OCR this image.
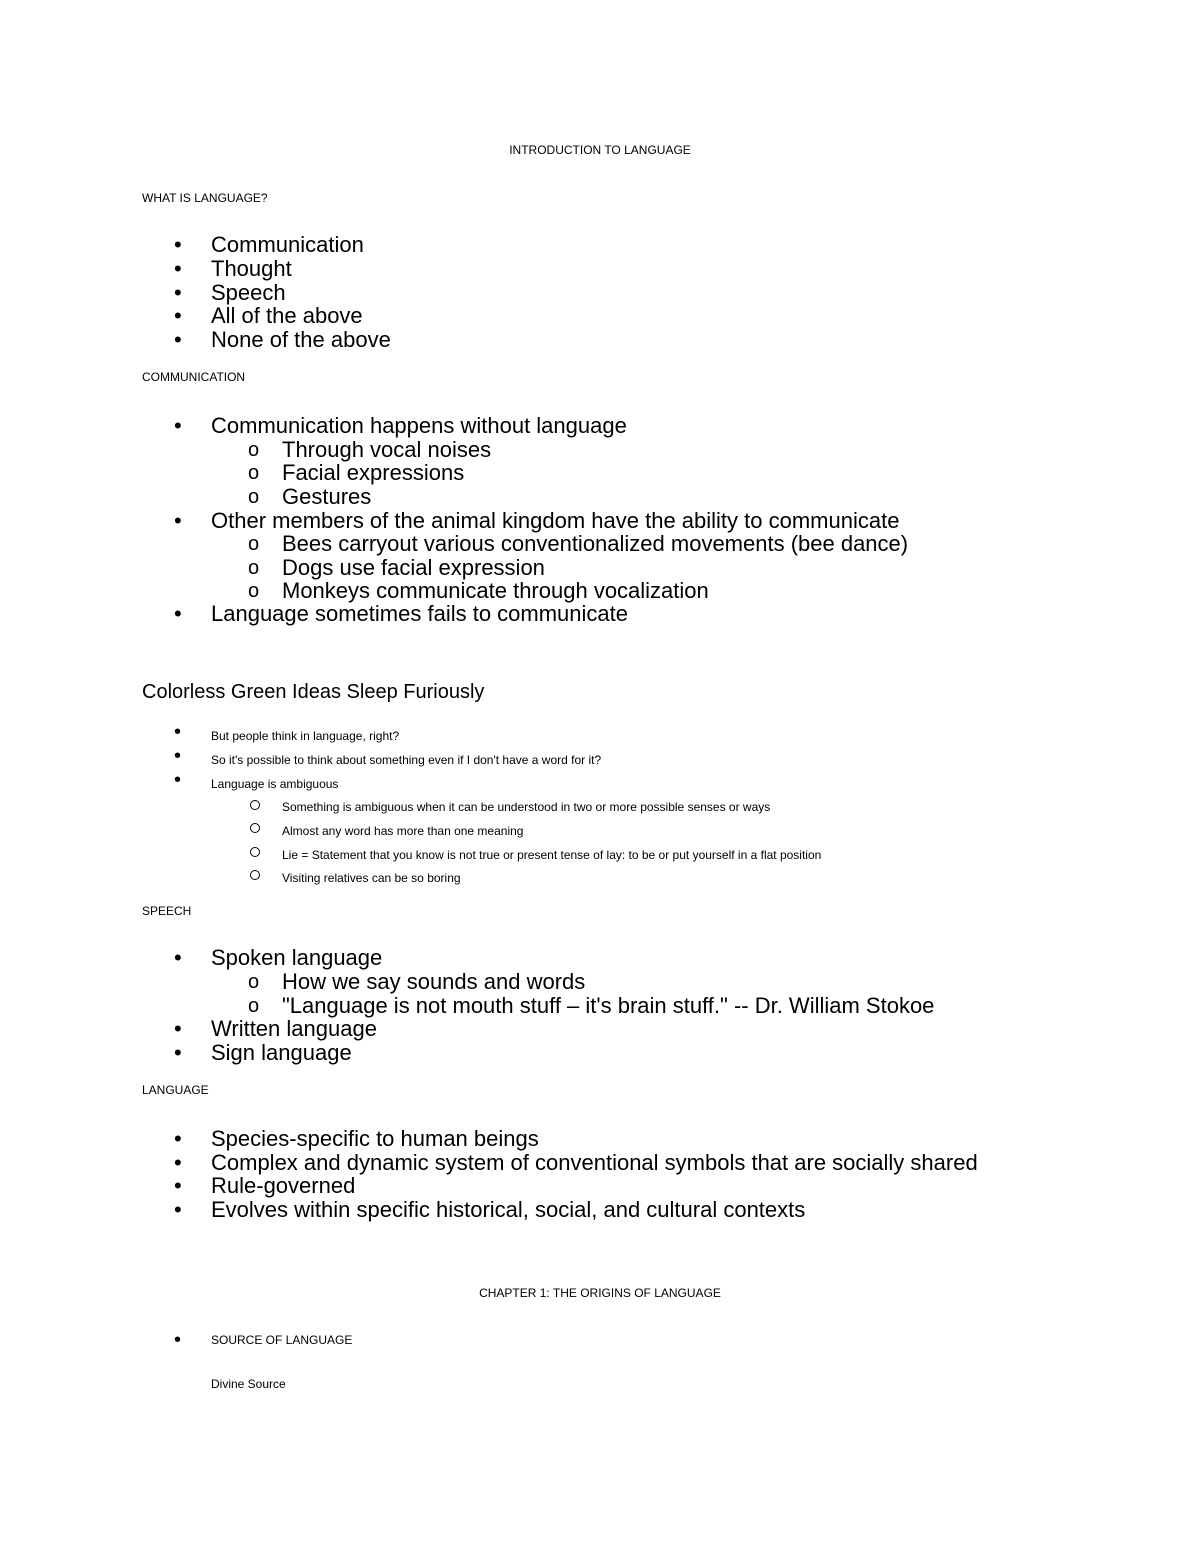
INTRODUCTION TO LANGUAGE
WHAT IS LANGUAGE?
• Communication
• Thought
• Speech
• All of the above
• None of the above
COMMUNICATION
• Communication happens without language
o Through vocal noises
o Facial expressions
o Gestures
• Other members of the animal kingdom have the ability to communicate
o Bees carryout various conventionalized movements (bee dance)
o Dogs use facial expression
o Monkeys communicate through vocalization
• Language sometimes fails to communicate
Colorless Green Ideas Sleep Furiously
• But people think in language, right?
• So it's possible to think about something even if I don't have a word for it?
• Language is ambiguous
Something is ambiguous when it can be understood in two or more possible senses or ways
Almost any word has more than one meaning
Lie = Statement that you know is not true or present tense of lay: to be or put yourself in a flat position
Visiting relatives can be so boring
SPEECH
• Spoken language
o How we say sounds and words
o "Language is not mouth stuff – it's brain stuff." -- Dr. William Stokoe
• Written language
• Sign language
LANGUAGE
• Species-specific to human beings
• Complex and dynamic system of conventional symbols that are socially shared
• Rule-governed
• Evolves within specific historical, social, and cultural contexts
CHAPTER 1: THE ORIGINS OF LANGUAGE
• SOURCE OF LANGUAGE
Divine Source
